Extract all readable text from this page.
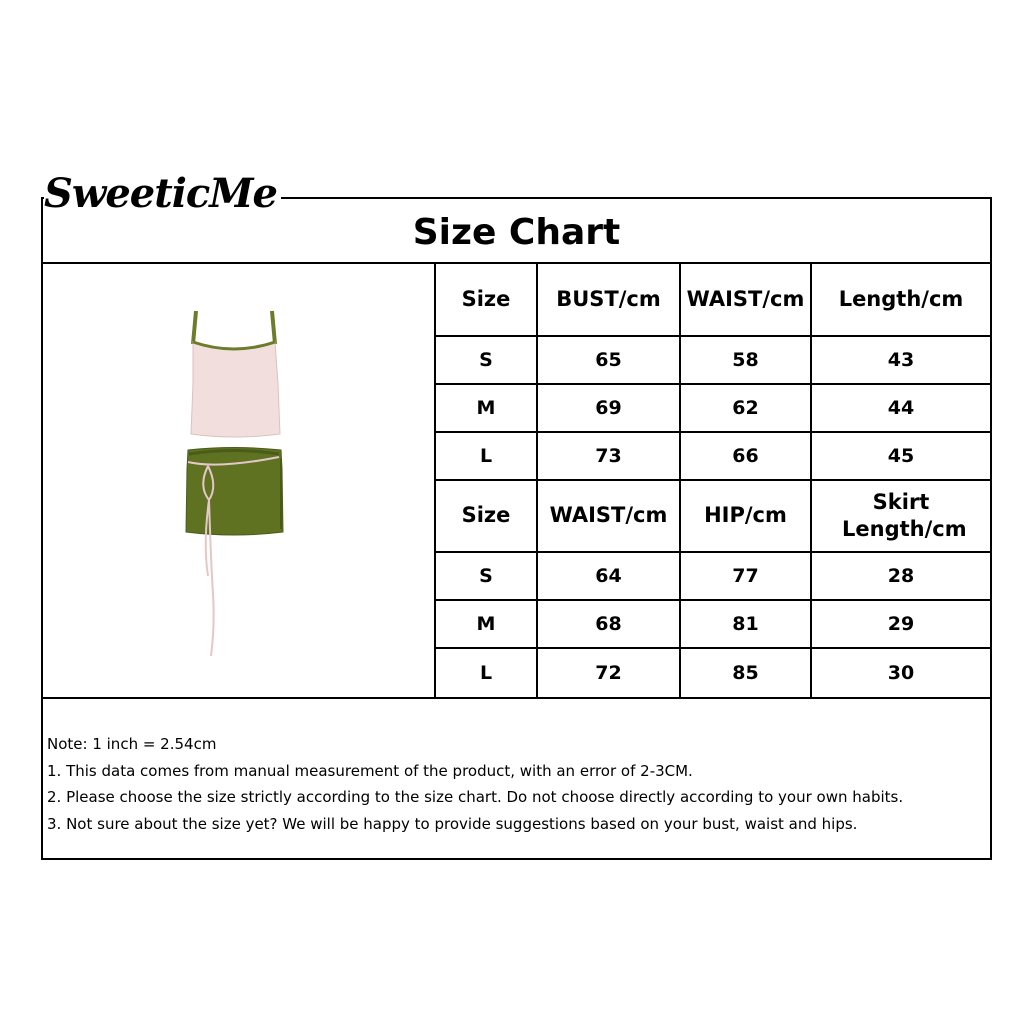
SweeticMe
Size Chart
Size	BUST/cm	WAIST/cm	Length/cm
S	65	58	43
M	69	62	44
L	73	66	45
Size	WAIST/cm	HIP/cm	Skirt Length/cm
S	64	77	28
M	68	81	29
L	72	85	30
Note: 1 inch = 2.54cm
1. This data comes from manual measurement of the product, with an error of 2-3CM.
2. Please choose the size strictly according to the size chart. Do not choose directly according to your own habits.
3. Not sure about the size yet? We will be happy to provide suggestions based on your bust, waist and hips.
